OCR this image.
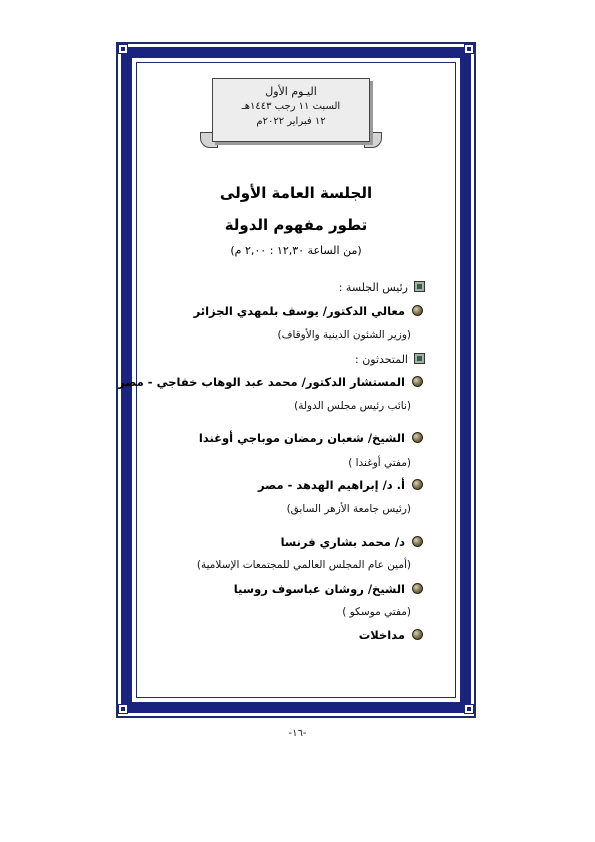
اليـوم الأول
السبت ١١ رجب ١٤٤٣هـ
١٢ فبراير ٢٠٢٢م
الجلسة العامة الأولى
تطور مفهوم الدولة
(من الساعة ١٢,٣٠ : ٢,٠٠ م)
رئيس الجلسة :
معالي الدكتور/ يوسف بلمهدي الجزائر
(وزير الشئون الدينية والأوقاف)
المتحدثون :
المستشار الدكتور/ محمد عبد الوهاب خفاجي - مصر
(نائب رئيس مجلس الدولة)
الشيخ/ شعبان رمضان موباجي أوغندا
(مفتي أوغندا )
أ. د/ إبراهيم الهدهد - مصر
(رئيس جامعة الأزهر السابق)
د/ محمد بشاري فرنسا
(أمين عام المجلس العالمي للمجتمعات الإسلامية)
الشيخ/ روشان عباسوف روسيا
(مفتي موسكو )
مداخلات
-١٦-
